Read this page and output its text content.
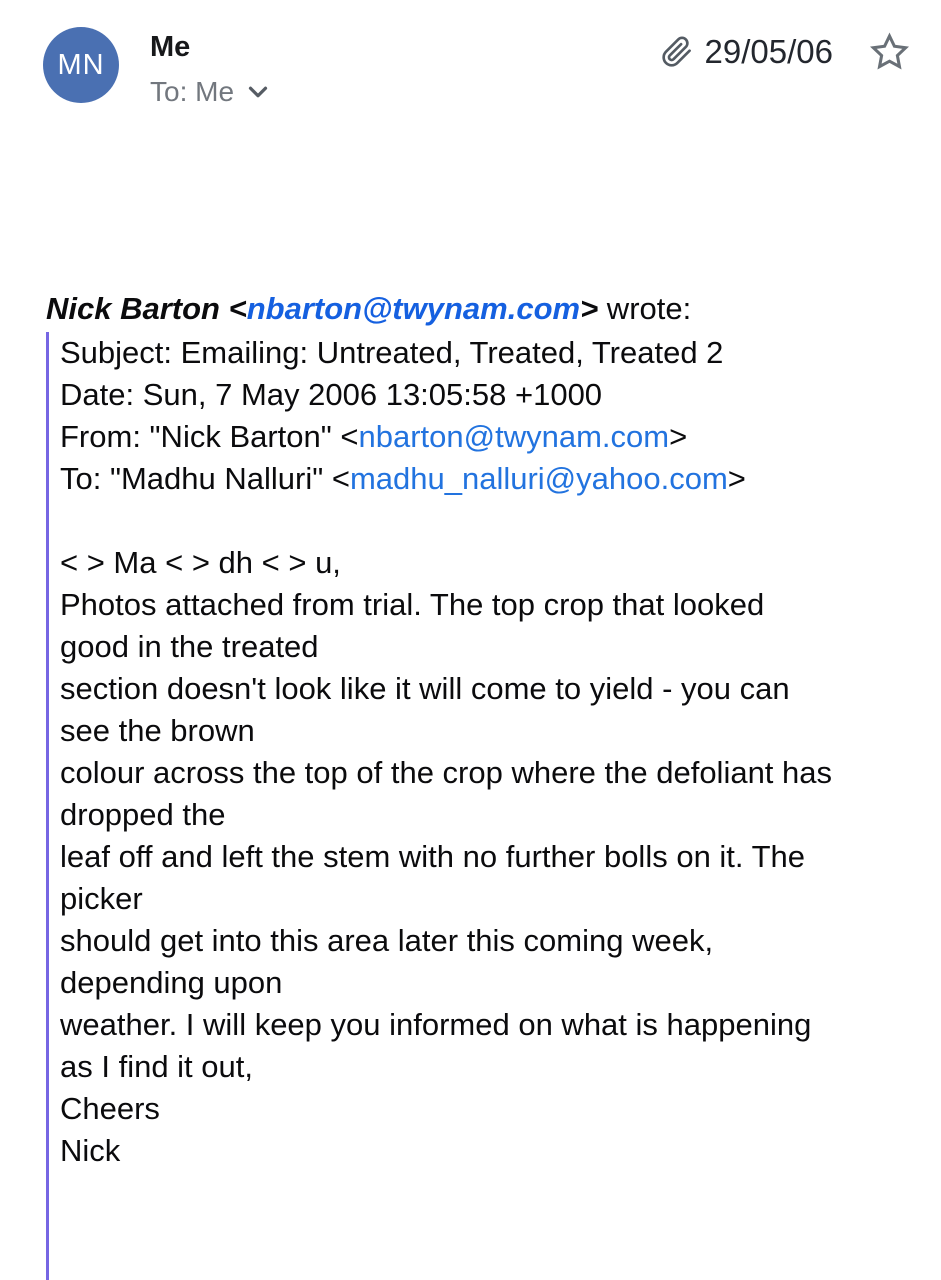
MN
Me
To: Me
29/05/06
Nick Barton <nbarton@twynam.com> wrote:
Subject: Emailing: Untreated, Treated, Treated 2
Date: Sun, 7 May 2006 13:05:58 +1000
From: "Nick Barton" <nbarton@twynam.com>
To: "Madhu Nalluri" <madhu_nalluri@yahoo.com>

< > Ma < > dh < > u,
Photos attached from trial. The top crop that looked
good in the treated
section doesn't look like it will come to yield - you can
see the brown
colour across the top of the crop where the defoliant has
dropped the
leaf off and left the stem with no further bolls on it. The
picker
should get into this area later this coming week,
depending upon
weather. I will keep you informed on what is happening
as I find it out,
Cheers
Nick
